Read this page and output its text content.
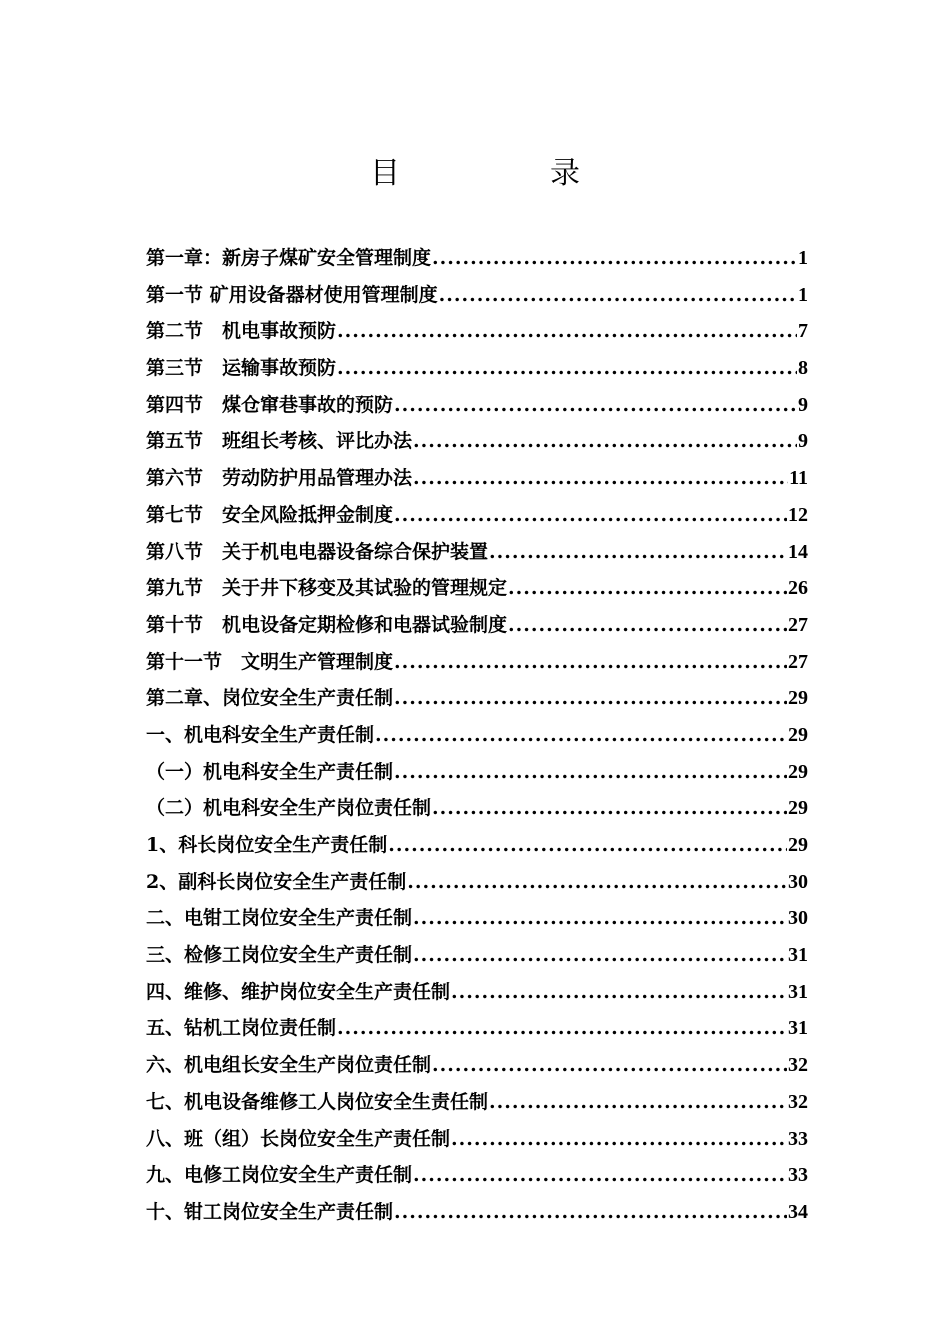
目　录
第一章：新房子煤矿安全管理制度 .....	1
第一节 矿用设备器材使用管理制度 .....	1
第二节　机电事故预防 .....	7
第三节　运输事故预防 .....	8
第四节　煤仓窜巷事故的预防 .....	9
第五节　班组长考核、评比办法 .....	9
第六节　劳动防护用品管理办法 .....	11
第七节　安全风险抵押金制度 .....	12
第八节　关于机电电器设备综合保护装置 .....	14
第九节　关于井下移变及其试验的管理规定 .....	26
第十节　机电设备定期检修和电器试验制度 .....	27
第十一节　文明生产管理制度 .....	27
第二章、岗位安全生产责任制 .....	29
一、机电科安全生产责任制 .....	29
（一）机电科安全生产责任制 .....	29
（二）机电科安全生产岗位责任制 .....	29
1、科长岗位安全生产责任制 .....	29
2、副科长岗位安全生产责任制 .....	30
二、电钳工岗位安全生产责任制 .....	30
三、检修工岗位安全生产责任制 .....	31
四、维修、维护岗位安全生产责任制 .....	31
五、钻机工岗位责任制 .....	31
六、机电组长安全生产岗位责任制 .....	32
七、机电设备维修工人岗位安全生责任制 .....	32
八、班（组）长岗位安全生产责任制 .....	33
九、电修工岗位安全生产责任制 .....	33
十、钳工岗位安全生产责任制 .....	34
